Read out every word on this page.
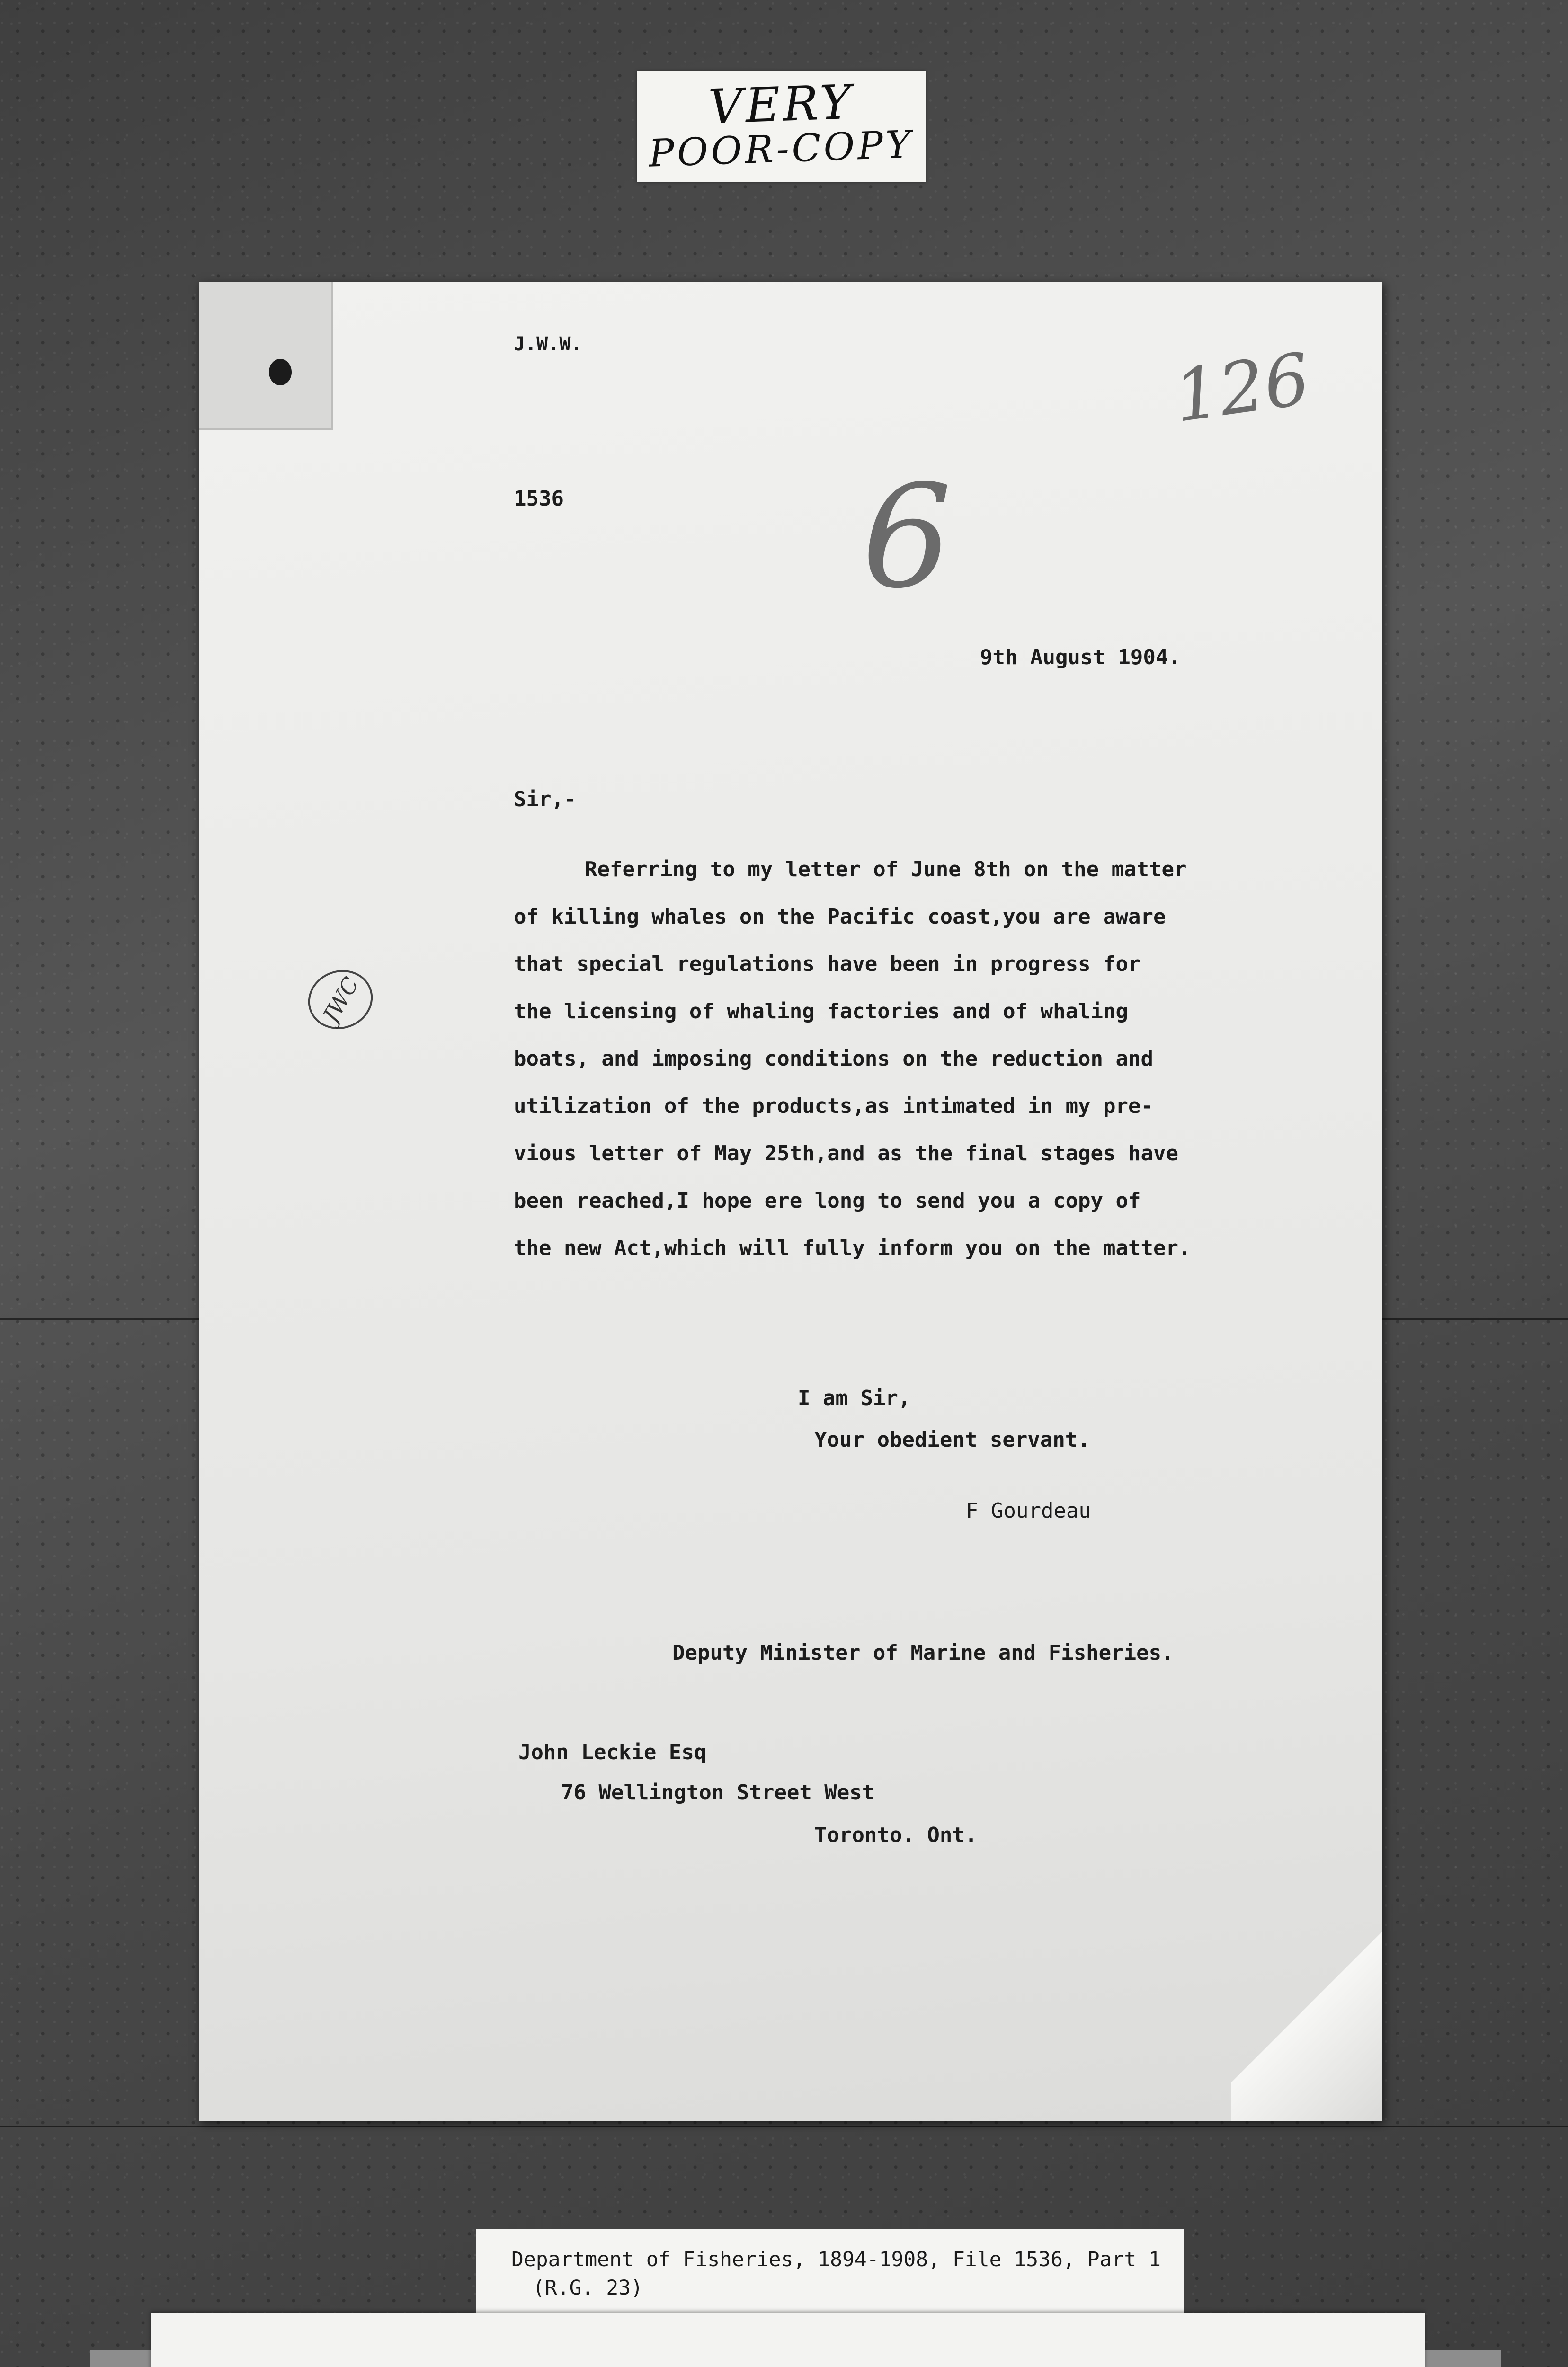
VERY
POOR-COPY
J.W.W.	126
1536 6
9th August 1904.
Sir,-
Referring to my letter of June 8th on the matter
of killing whales on the Pacific coast,you are aware
that special regulations have been in progress for
the licensing of whaling factories and of whaling
boats, and imposing conditions on the reduction and
utilization of the products,as intimated in my pre-
vious letter of May 25th,and as the final stages have
been reached,I hope ere long to send you a copy of
the new Act,which will fully inform you on the matter.
JWC
I am Sir,
Your obedient servant.
F Gourdeau
Deputy Minister of Marine and Fisheries.
John Leckie Esq
76 Wellington Street West
Toronto. Ont.
Department of Fisheries, 1894-1908, File 1536, Part 1
(R.G. 23)
